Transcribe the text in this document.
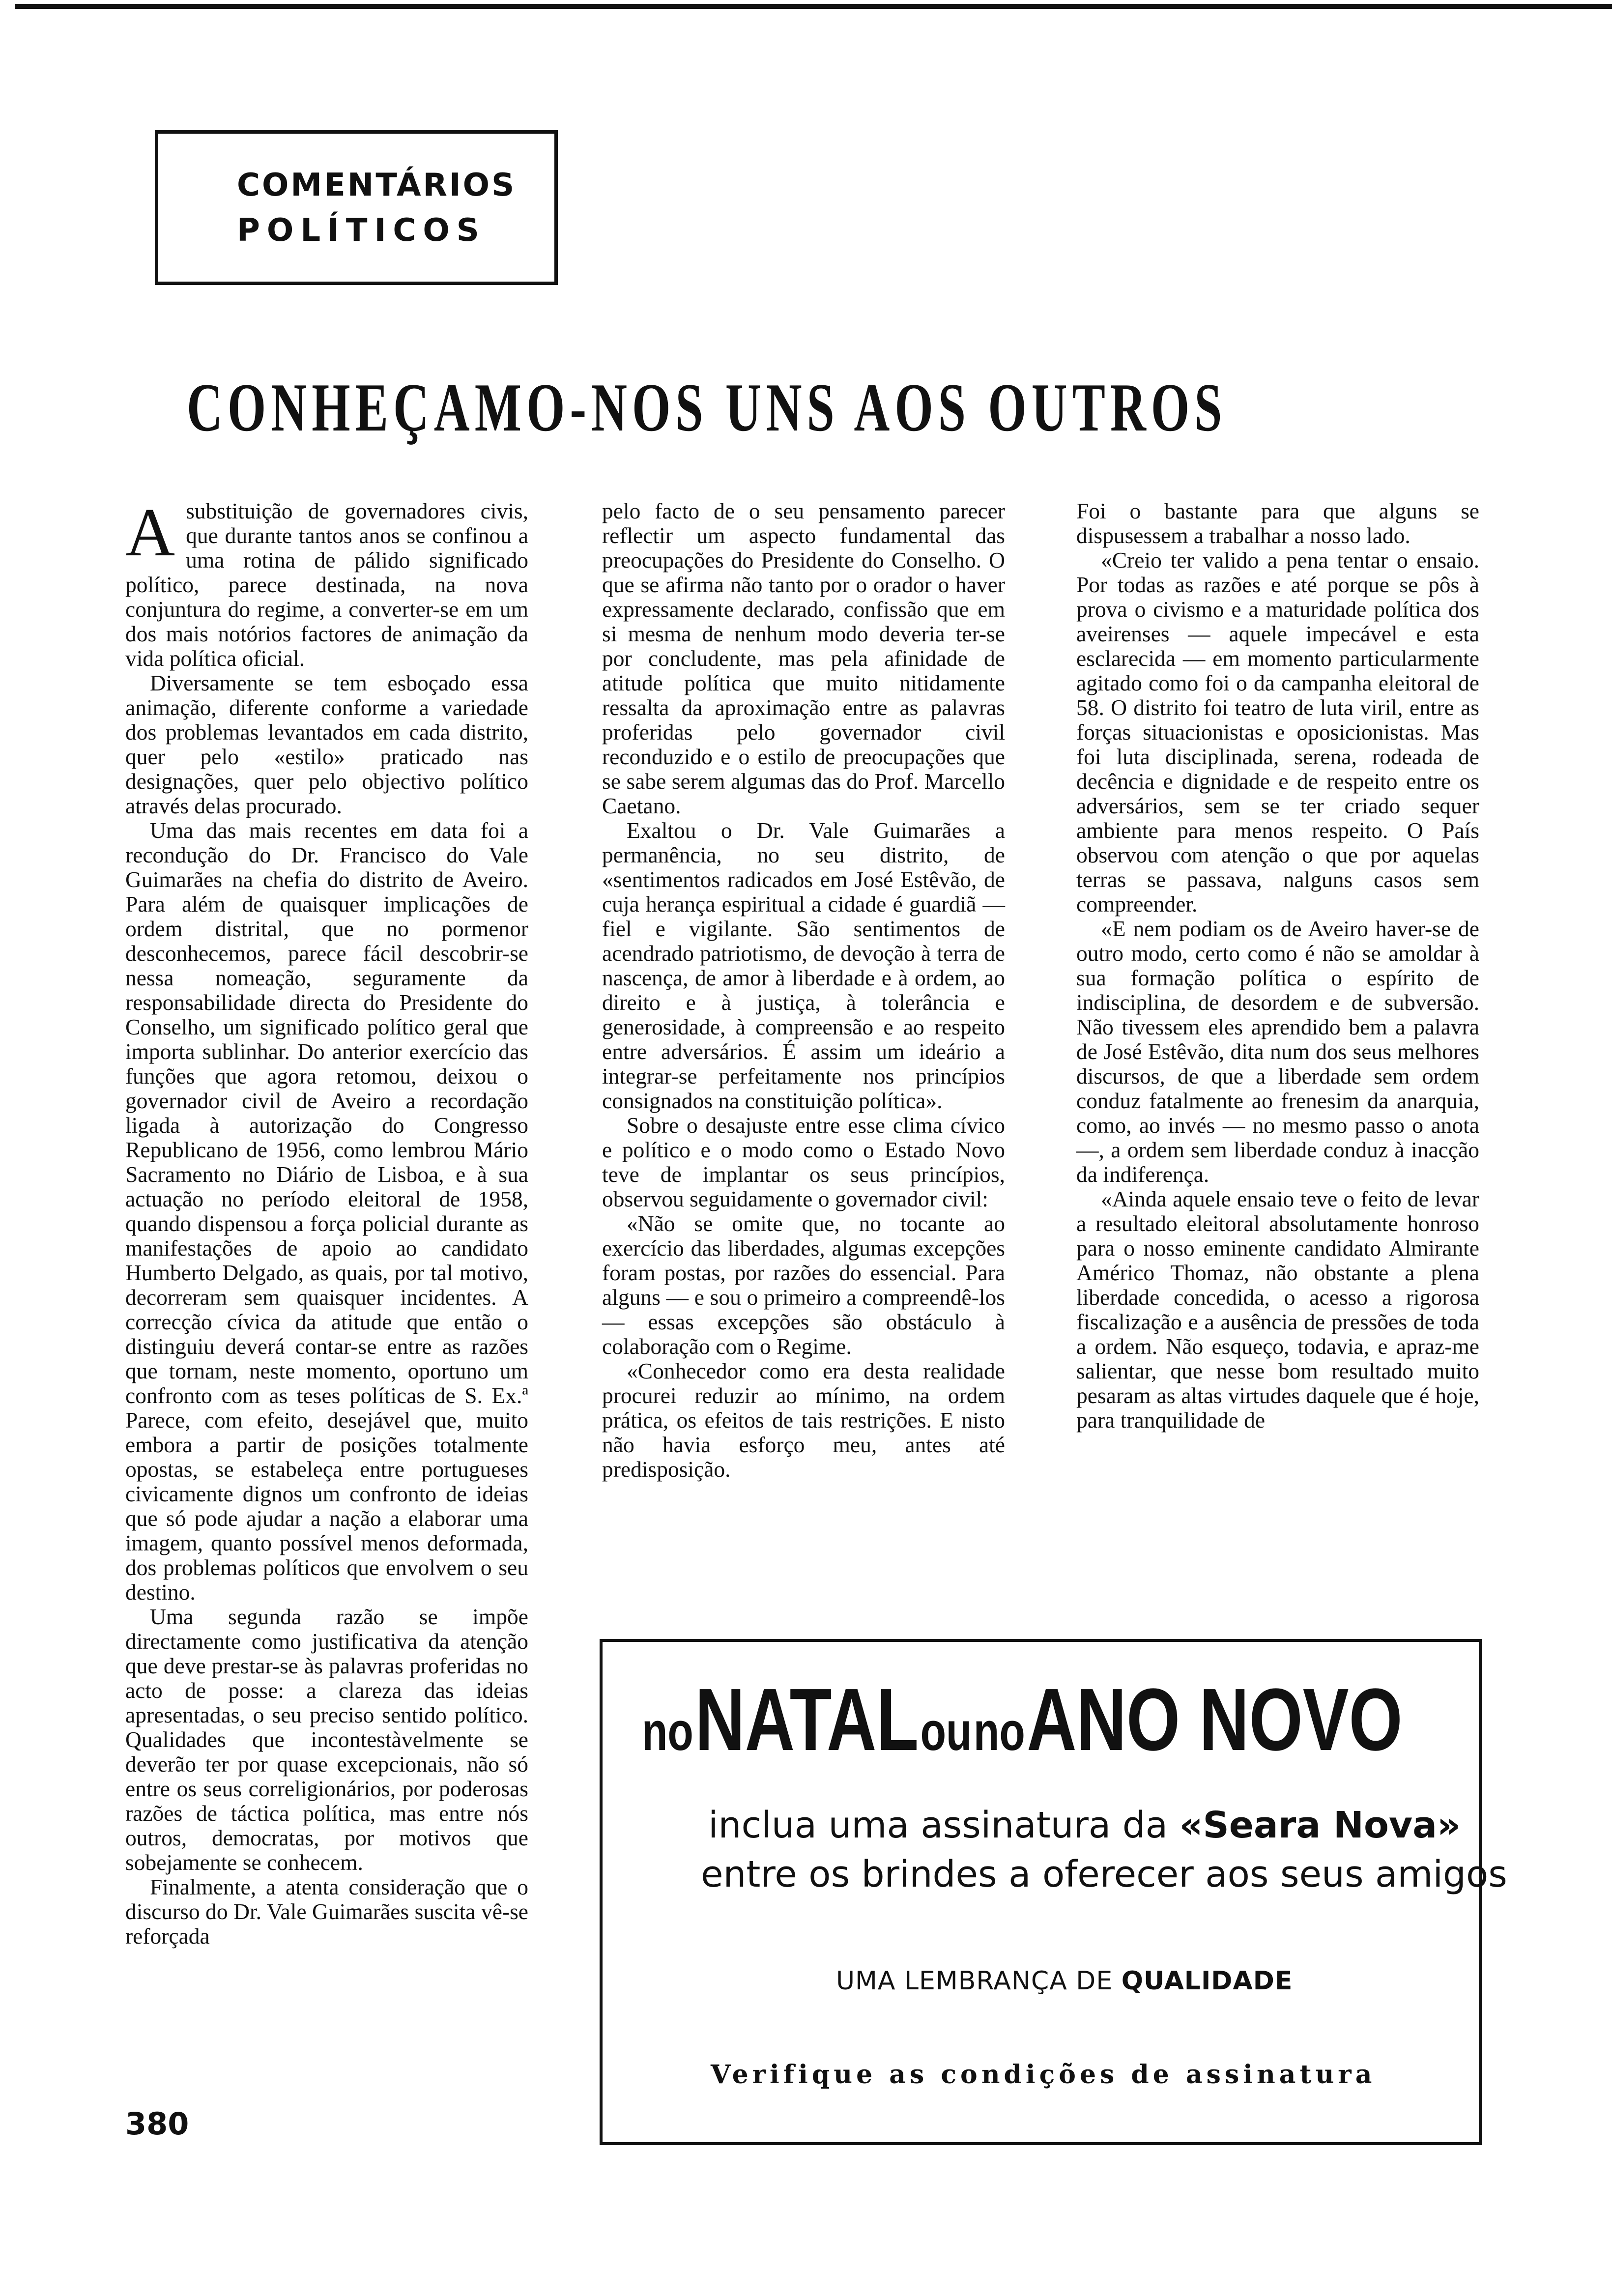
COMENTÁRIOS
POLÍTICOS
CONHEÇAMO-NOS UNS AOS OUTROS

Asubstituição de governadores civis, que durante tantos anos se confinou a uma rotina de pálido significado político, parece destinada, na nova conjuntura do regime, a converter-se em um dos mais notórios factores de animação da vida política oficial.

Diversamente se tem esboçado essa animação, diferente conforme a variedade dos problemas levantados em cada distrito, quer pelo «estilo» praticado nas designações, quer pelo objectivo político através delas procurado.

Uma das mais recentes em data foi a recondução do Dr. Francisco do Vale Guimarães na chefia do distrito de Aveiro. Para além de quaisquer implicações de ordem distrital, que no pormenor desconhecemos, parece fácil descobrir-se nessa nomeação, seguramente da responsabilidade directa do Presidente do Conselho, um significado político geral que importa sublinhar. Do anterior exercício das funções que agora retomou, deixou o governador civil de Aveiro a recordação ligada à autorização do Congresso Republicano de 1956, como lembrou Mário Sacramento no Diário de Lisboa, e à sua actuação no período eleitoral de 1958, quando dispensou a força policial durante as manifestações de apoio ao candidato Humberto Delgado, as quais, por tal motivo, decorreram sem quaisquer incidentes. A correcção cívica da atitude que então o distinguiu deverá contar-se entre as razões que tornam, neste momento, oportuno um confronto com as teses políticas de S. Ex.ª Parece, com efeito, desejável que, muito embora a partir de posições totalmente opostas, se estabeleça entre portugueses civicamente dignos um confronto de ideias que só pode ajudar a nação a elaborar uma imagem, quanto possível menos deformada, dos problemas políticos que envolvem o seu destino.

Uma segunda razão se impõe directamente como justificativa da atenção que deve prestar-se às palavras proferidas no acto de posse: a clareza das ideias apresentadas, o seu preciso sentido político. Qualidades que incontestàvelmente se deverão ter por quase excepcionais, não só entre os seus correligionários, por poderosas razões de táctica política, mas entre nós outros, democratas, por motivos que sobejamente se conhecem.

Finalmente, a atenta consideração que o discurso do Dr. Vale Guimarães suscita vê-se reforçada

pelo facto de o seu pensamento parecer reflectir um aspecto fundamental das preocupações do Presidente do Conselho. O que se afirma não tanto por o orador o haver expressamente declarado, confissão que em si mesma de nenhum modo deveria ter-se por concludente, mas pela afinidade de atitude política que muito nitidamente ressalta da aproximação entre as palavras proferidas pelo governador civil reconduzido e o estilo de preocupações que se sabe serem algumas das do Prof. Marcello Caetano.

Exaltou o Dr. Vale Guimarães a permanência, no seu distrito, de «sentimentos radicados em José Estêvão, de cuja herança espiritual a cidade é guardiã — fiel e vigilante. São sentimentos de acendrado patriotismo, de devoção à terra de nascença, de amor à liberdade e à ordem, ao direito e à justiça, à tolerância e generosidade, à compreensão e ao respeito entre adversários. É assim um ideário a integrar-se perfeitamente nos princípios consignados na constituição política».

Sobre o desajuste entre esse clima cívico e político e o modo como o Estado Novo teve de implantar os seus princípios, observou seguidamente o governador civil:

«Não se omite que, no tocante ao exercício das liberdades, algumas excepções foram postas, por razões do essencial. Para alguns — e sou o primeiro a compreendê-los — essas excepções são obstáculo à colaboração com o Regime.

«Conhecedor como era desta realidade procurei reduzir ao mínimo, na ordem prática, os efeitos de tais restrições. E nisto não havia esforço meu, antes até predisposição.

Foi o bastante para que alguns se dispusessem a trabalhar a nosso lado.

«Creio ter valido a pena tentar o ensaio. Por todas as razões e até porque se pôs à prova o civismo e a maturidade política dos aveirenses — aquele impecável e esta esclarecida — em momento particularmente agitado como foi o da campanha eleitoral de 58. O distrito foi teatro de luta viril, entre as forças situacionistas e oposicionistas. Mas foi luta disciplinada, serena, rodeada de decência e dignidade e de respeito entre os adversários, sem se ter criado sequer ambiente para menos respeito. O País observou com atenção o que por aquelas terras se passava, nalguns casos sem compreender.

«E nem podiam os de Aveiro haver-se de outro modo, certo como é não se amoldar à sua formação política o espírito de indisciplina, de desordem e de subversão. Não tivessem eles aprendido bem a palavra de José Estêvão, dita num dos seus melhores discursos, de que a liberdade sem ordem conduz fatalmente ao frenesim da anarquia, como, ao invés — no mesmo passo o anota —, a ordem sem liberdade conduz à inacção da indiferença.

«Ainda aquele ensaio teve o feito de levar a resultado eleitoral absolutamente honroso para o nosso eminente candidato Almirante Américo Thomaz, não obstante a plena liberdade concedida, o acesso a rigorosa fiscalização e a ausência de pressões de toda a ordem. Não esqueço, todavia, e apraz-me salientar, que nesse bom resultado muito pesaram as altas virtudes daquele que é hoje, para tranquilidade de

380
no NATAL ou no ANO NOVO
inclua uma assinatura da «Seara Nova»
entre os brindes a oferecer aos seus amigos
UMA LEMBRANÇA DE QUALIDADE
Verifique as condições de assinatura
